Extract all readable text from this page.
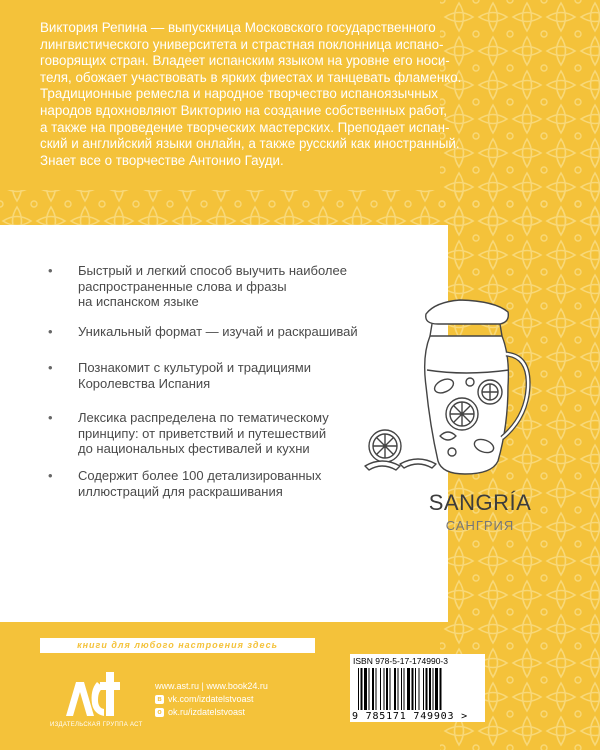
Виктория Репина — выпускница Московского государственного
лингвистического университета и страстная поклонница испано-
говорящих стран. Владеет испанским языком на уровне его носи-
теля, обожает участвовать в ярких фиестах и танцевать фламенко.
Традиционные ремесла и народное творчество испаноязычных
народов вдохновляют Викторию на создание собственных работ,
а также на проведение творческих мастерских. Преподает испан-
ский и английский языки онлайн, а также русский как иностранный.
Знает все о творчестве Антонио Гауди.
• Быстрый и легкий способ выучить наиболее
распространенные слова и фразы
на испанском языке
• Уникальный формат — изучай и раскрашивай
• Познакомит с культурой и традициями
Королевства Испания
• Лексика распределена по тематическому
принципу: от приветствий и путешествий
до национальных фестивалей и кухни
• Содержит более 100 детализированных
иллюстраций для раскрашивания	SANGRÍA
САНГРИЯ
книги для любого настроения здесь
ИЗДАТЕЛЬСКАЯ ГРУППА АСТ
www.ast.ru | www.book24.ru
в vk.com/izdatelstvoast
о ok.ru/izdatelstvoast
ISBN 978-5-17-174990-3
9 785171 749903 >
